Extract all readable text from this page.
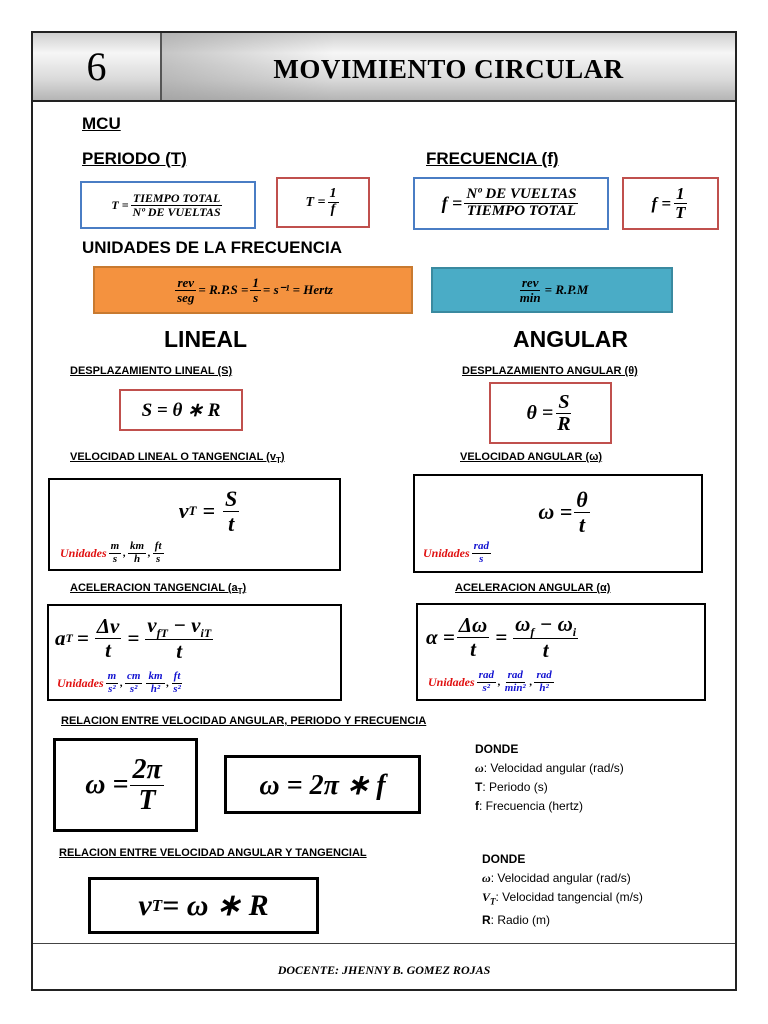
6	MOVIMIENTO CIRCULAR
MCU
PERIODO (T)	FRECUENCIA (f)
$T = \frac{\text{TIEMPO TOTAL}}{\text{Nº DE VUELTAS}}$	$T = \frac{1}{f}$	$f = \frac{\text{Nº DE VUELTAS}}{\text{TIEMPO TOTAL}}$	$f = \frac{1}{T}$
UNIDADES DE LA FRECUENCIA
$\frac{\text{rev}}{\text{seg}} = R.P.S = \frac{1}{s} = s^{-1}$ = Hertz	$\frac{\text{rev}}{\min} = R.P.M$
LINEAL	ANGULAR
DESPLAZAMIENTO LINEAL (S)	DESPLAZAMIENTO ANGULAR (θ)
S = θ ∗ R	$\theta = \frac{S}{R}$
VELOCIDAD LINEAL O TANGENCIAL $(v_T)$	VELOCIDAD ANGULAR (ω)
v $T = \frac{S}{t}$
Unidades $\frac{m}{s}$ , $\frac{km}{h}$ , $\frac{ft}{s}$
$\omega = \frac{\theta}{t}$
Unidades $\frac{\text{rad}}{s}$
ACELERACION TANGENCIAL $(a_T)$	ACELERACION ANGULAR (α)
a $T = \frac{\Delta v}{t} = \frac{v_{fT} - v_{iT}}{t}$
Unidades $\frac{m}{\text{s²}}$ , $\frac{cm}{\text{s²}} \frac{km}{\text{h²}}$ , $\frac{ft}{\text{s²}}$
$\alpha = \frac{\Delta\omega}{t} = \frac{\omega_f - \omega_i}{t}$
Unidades $\frac{\text{rad}}{\text{s²}}$ , $\frac{\text{rad}}{\text{min²}}$ , $\frac{\text{rad}}{\text{h²}}$
RELACION ENTRE VELOCIDAD ANGULAR, PERIODO Y FRECUENCIA
$\omega = \frac{2\pi}{T}$	ω = 2π ∗ f
DONDE
ω: Velocidad angular (rad/s)
T: Periodo (s)
f: Frecuencia (hertz)
RELACION ENTRE VELOCIDAD ANGULAR Y TANGENCIAL
v T = ω ∗ R
DONDE
ω: Velocidad angular (rad/s)
$V_T$: Velocidad tangencial (m/s)
R: Radio (m)
DOCENTE: JHENNY B. GOMEZ ROJAS
